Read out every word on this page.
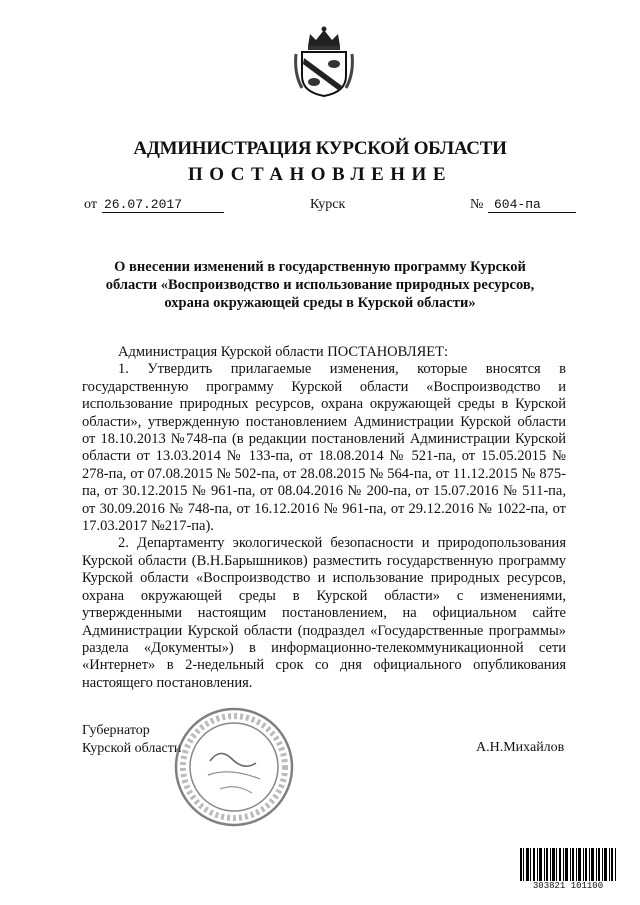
АДМИНИСТРАЦИЯ КУРСКОЙ ОБЛАСТИ
ПОСТАНОВЛЕНИЕ
от 26.07.2017	Курск	№ 604-па
О внесении изменений в государственную программу Курской
области «Воспроизводство и использование природных ресурсов,
охрана окружающей среды в Курской области»
Администрация Курской области ПОСТАНОВЛЯЕТ:
1. Утвердить прилагаемые изменения, которые вносятся в государственную программу Курской области «Воспроизводство и использование природных ресурсов, охрана окружающей среды в Курской области», утвержденную постановлением Администрации Курской области от 18.10.2013 №748-па (в редакции постановлений Администрации Курской области от 13.03.2014 № 133-па, от 18.08.2014 № 521-па, от 15.05.2015 № 278-па, от 07.08.2015 № 502-па, от 28.08.2015 № 564-па, от 11.12.2015 № 875-па, от 30.12.2015 № 961-па, от 08.04.2016 № 200-па, от 15.07.2016 № 511-па, от 30.09.2016 № 748-па, от 16.12.2016 № 961-па, от 29.12.2016 № 1022-па, от 17.03.2017 №217-па).
2. Департаменту экологической безопасности и природопользования Курской области (В.Н.Барышников) разместить государственную программу Курской области «Воспроизводство и использование природных ресурсов, охрана окружающей среды в Курской области» с изменениями, утвержденными настоящим постановлением, на официальном сайте Администрации Курской области (подраздел «Государственные программы» раздела «Документы») в информационно-телекоммуникационной сети «Интернет» в 2-недельный срок со дня официального опубликования настоящего постановления.
Губернатор
Курской области	А.Н.Михайлов
303821 101100
